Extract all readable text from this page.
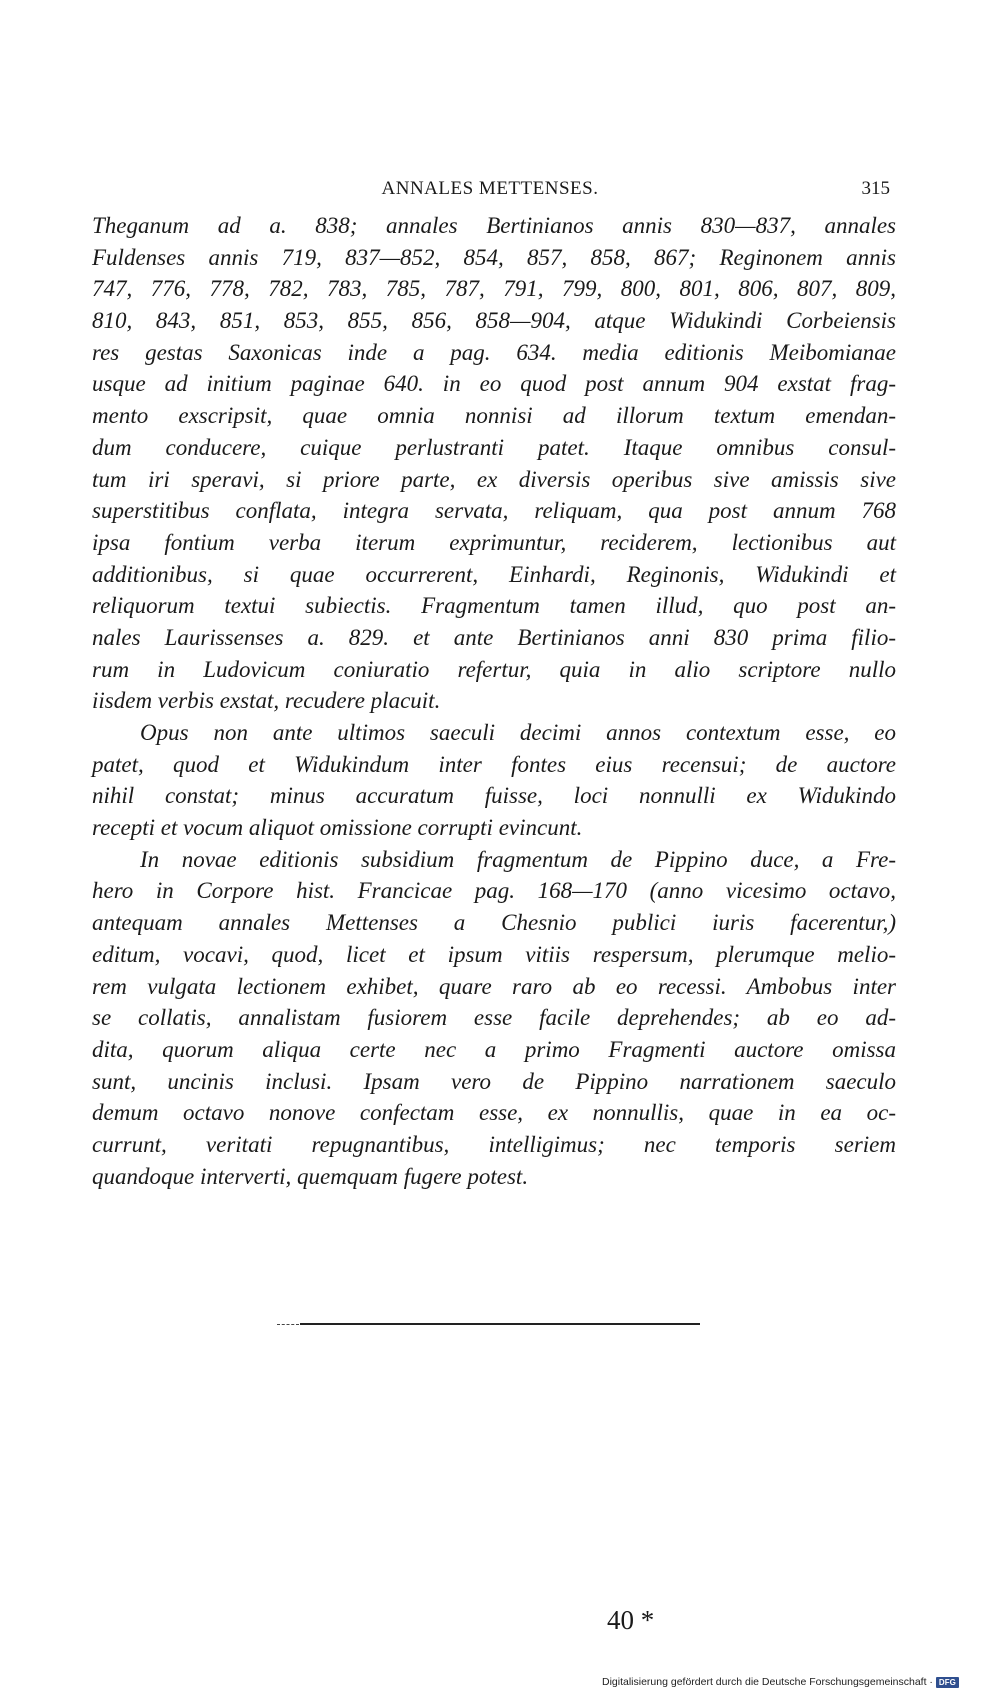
ANNALES METTENSES.	315
Theganum ad a. 838; annales Bertinianos annis 830—837, annales
Fuldenses annis 719, 837—852, 854, 857, 858, 867; Reginonem annis
747, 776, 778, 782, 783, 785, 787, 791, 799, 800, 801, 806, 807, 809,
810, 843, 851, 853, 855, 856, 858—904, atque Widukindi Corbeiensis
res gestas Saxonicas inde a pag. 634. media editionis Meibomianae
usque ad initium paginae 640. in eo quod post annum 904 exstat frag-
mento exscripsit, quae omnia nonnisi ad illorum textum emendan-
dum conducere, cuique perlustranti patet. Itaque omnibus consul-
tum iri speravi, si priore parte, ex diversis operibus sive amissis sive
superstitibus conflata, integra servata, reliquam, qua post annum 768
ipsa fontium verba iterum exprimuntur, reciderem, lectionibus aut
additionibus, si quae occurrerent, Einhardi, Reginonis, Widukindi et
reliquorum textui subiectis. Fragmentum tamen illud, quo post an-
nales Laurissenses a. 829. et ante Bertinianos anni 830 prima filio-
rum in Ludovicum coniuratio refertur, quia in alio scriptore nullo
iisdem verbis exstat, recudere placuit.
Opus non ante ultimos saeculi decimi annos contextum esse, eo
patet, quod et Widukindum inter fontes eius recensui; de auctore
nihil constat; minus accuratum fuisse, loci nonnulli ex Widukindo
recepti et vocum aliquot omissione corrupti evincunt.
In novae editionis subsidium fragmentum de Pippino duce, a Fre-
hero in Corpore hist. Francicae pag. 168—170 (anno vicesimo octavo,
antequam annales Mettenses a Chesnio publici iuris facerentur,)
editum, vocavi, quod, licet et ipsum vitiis respersum, plerumque melio-
rem vulgata lectionem exhibet, quare raro ab eo recessi. Ambobus inter
se collatis, annalistam fusiorem esse facile deprehendes; ab eo ad-
dita, quorum aliqua certe nec a primo Fragmenti auctore omissa
sunt, uncinis inclusi. Ipsam vero de Pippino narrationem saeculo
demum octavo nonove confectam esse, ex nonnullis, quae in ea oc-
currunt, veritati repugnantibus, intelligimus; nec temporis seriem
quandoque interverti, quemquam fugere potest.
40 *
Digitalisierung gefördert durch die Deutsche Forschungsgemeinschaft · DFG
